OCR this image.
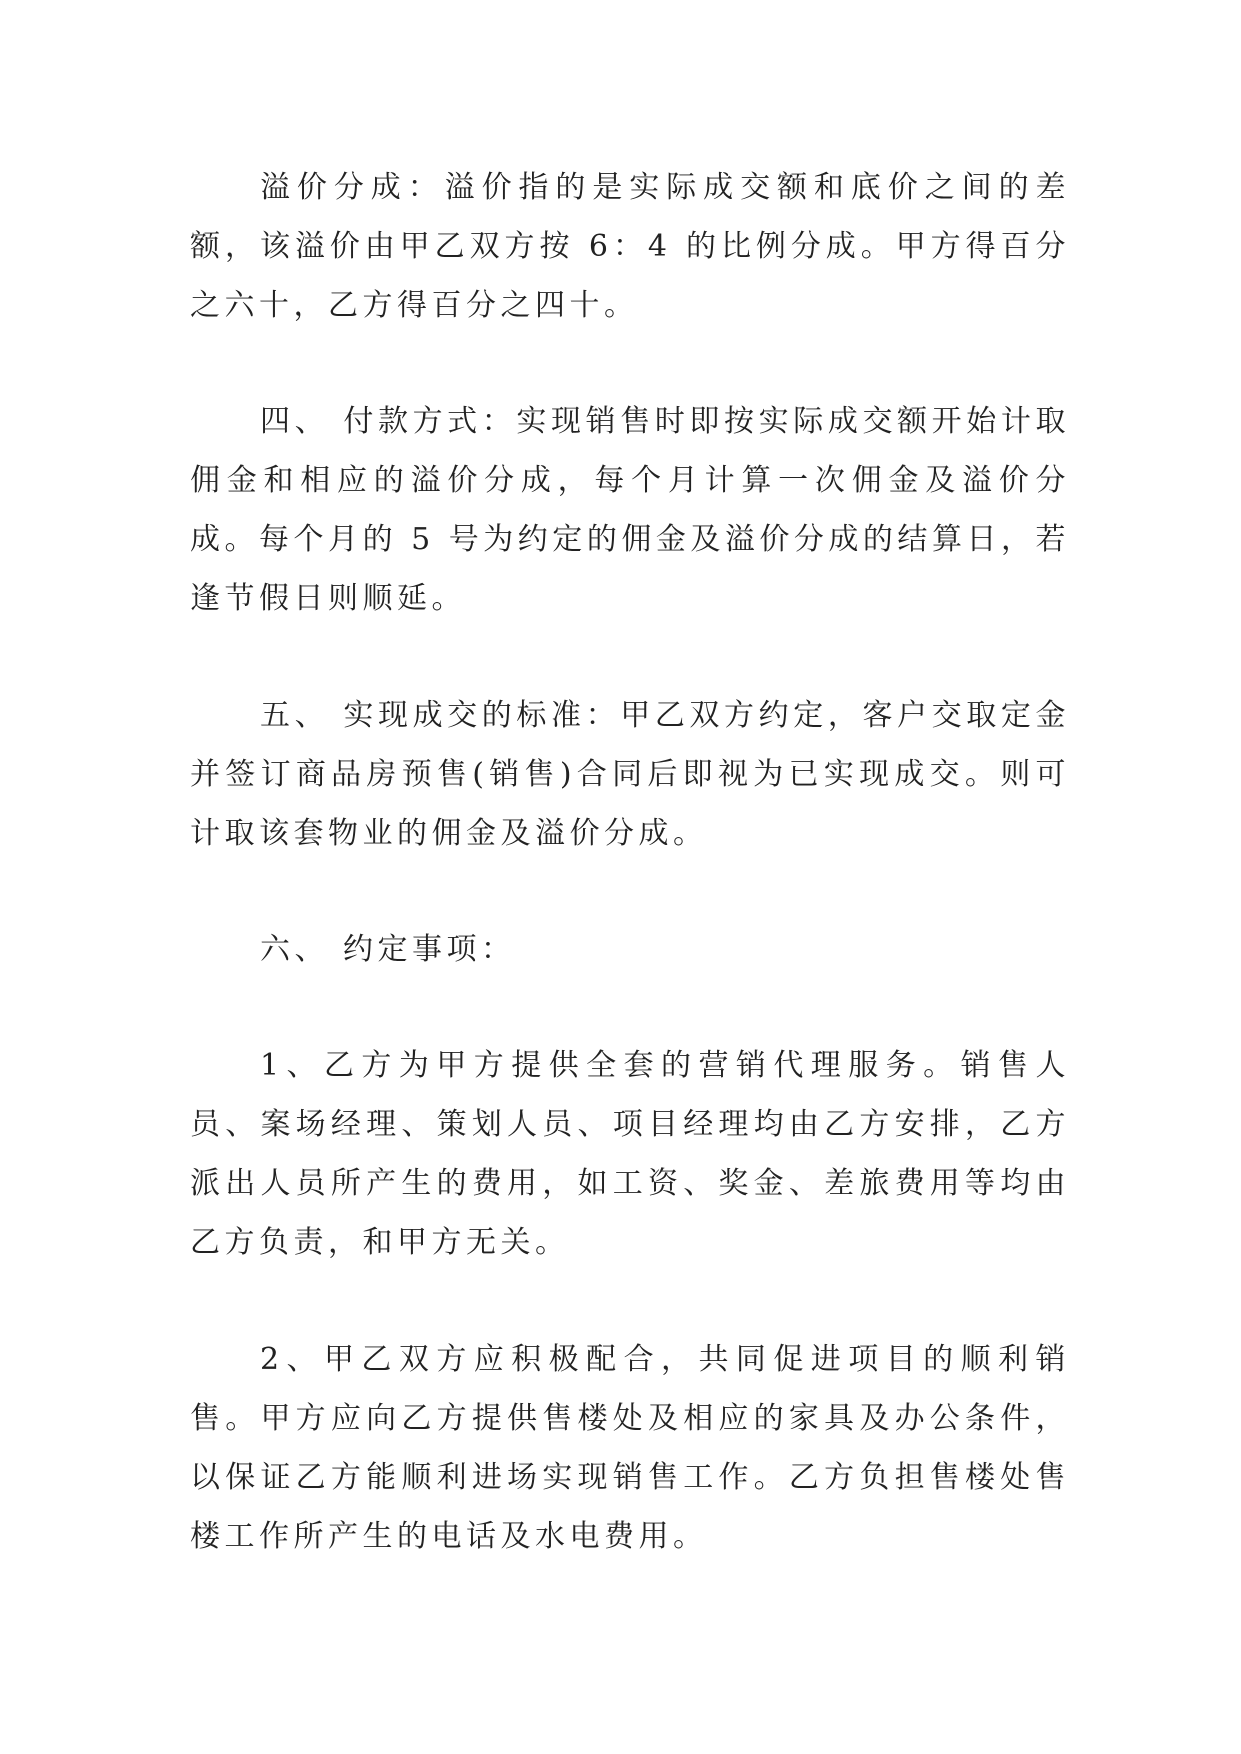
溢价分成：溢价指的是实际成交额和底价之间的差额，该溢价由甲乙双方按 6：4 的比例分成。甲方得百分之六十，乙方得百分之四十。

四、 付款方式：实现销售时即按实际成交额开始计取佣金和相应的溢价分成，每个月计算一次佣金及溢价分成。每个月的 5 号为约定的佣金及溢价分成的结算日，若逢节假日则顺延。

五、 实现成交的标准：甲乙双方约定，客户交取定金并签订商品房预售(销售)合同后即视为已实现成交。则可计取该套物业的佣金及溢价分成。

六、 约定事项：

1、乙方为甲方提供全套的营销代理服务。销售人员、案场经理、策划人员、项目经理均由乙方安排，乙方派出人员所产生的费用，如工资、奖金、差旅费用等均由乙方负责，和甲方无关。

2、甲乙双方应积极配合，共同促进项目的顺利销售。甲方应向乙方提供售楼处及相应的家具及办公条件，以保证乙方能顺利进场实现销售工作。乙方负担售楼处售楼工作所产生的电话及水电费用。
